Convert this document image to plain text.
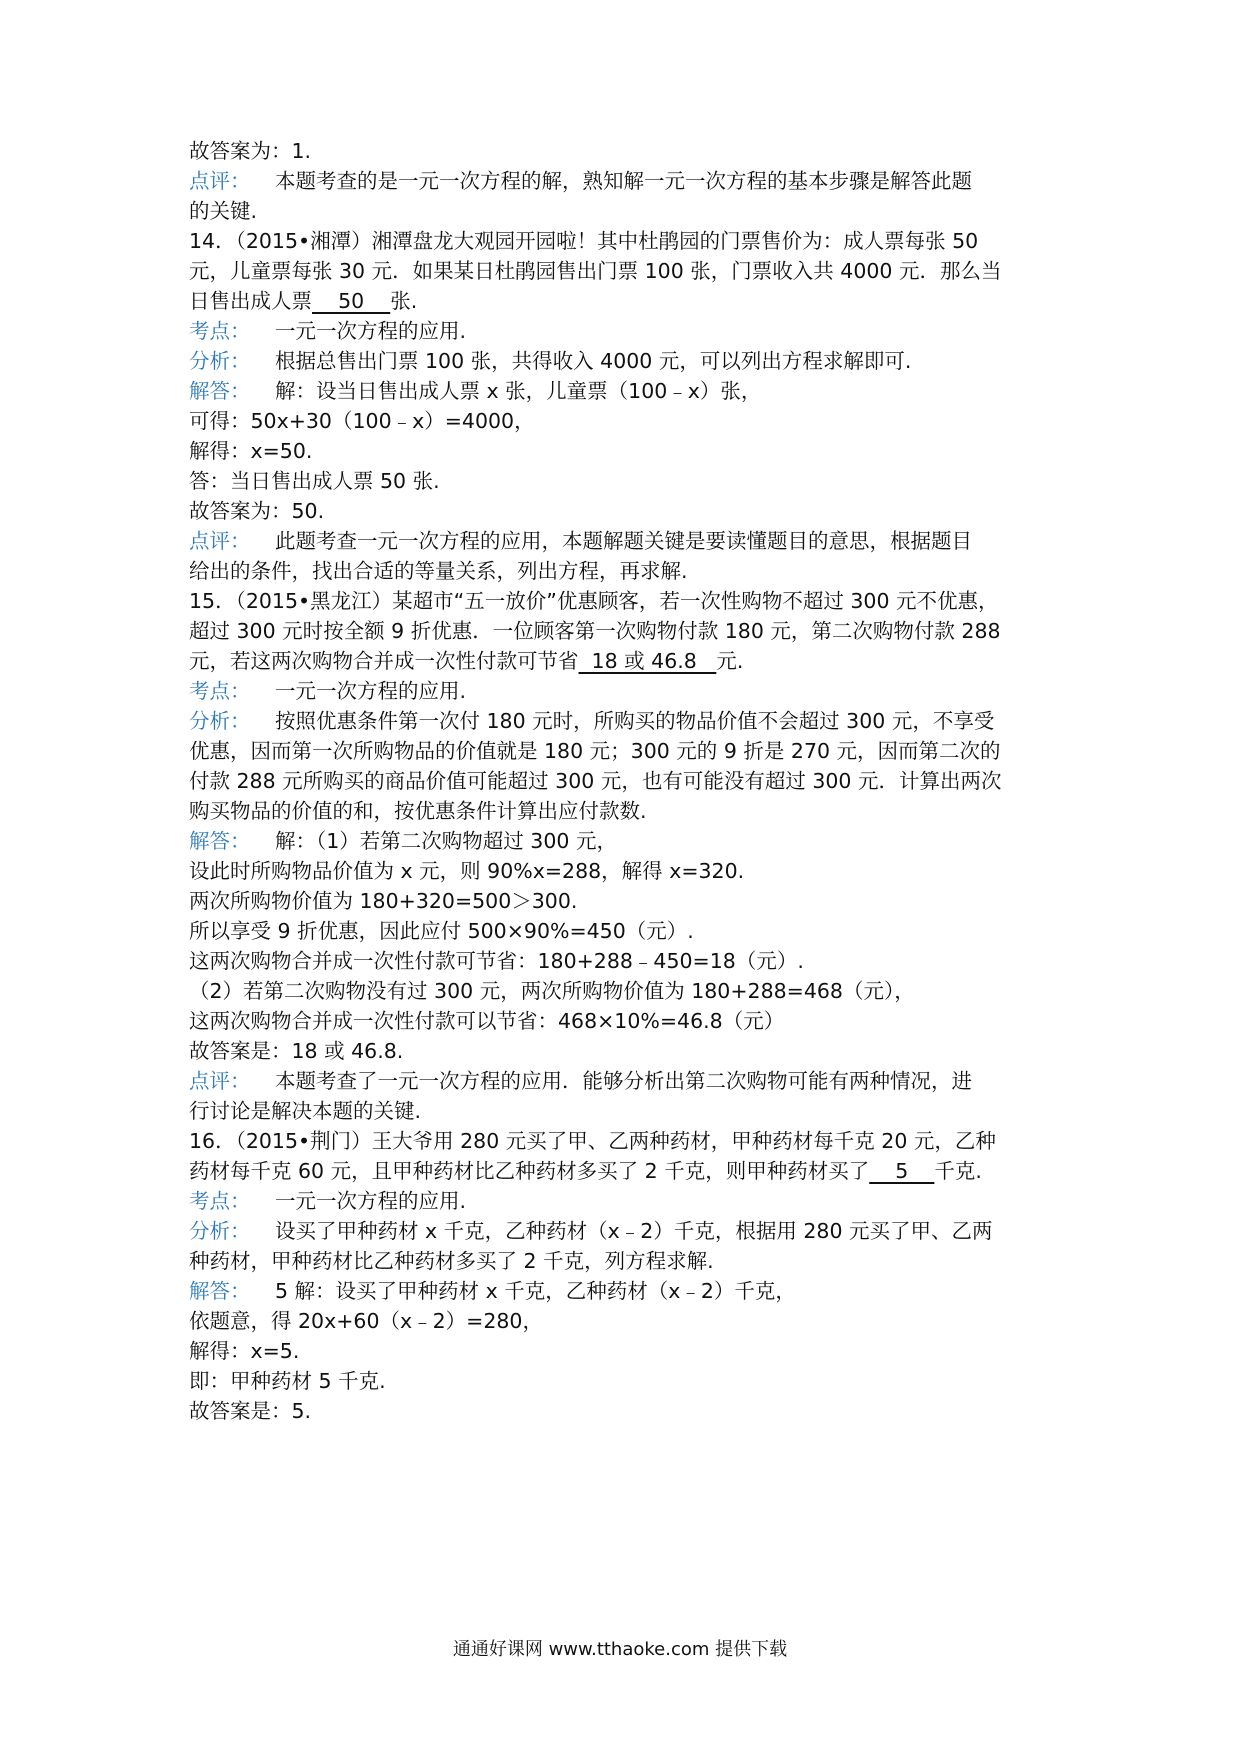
故答案为：1.
点评： 本题考查的是一元一次方程的解，熟知解一元一次方程的基本步骤是解答此题
的关键.
14．（2015•湘潭）湘潭盘龙大观园开园啦！其中杜鹃园的门票售价为：成人票每张 50
元，儿童票每张 30 元．如果某日杜鹃园售出门票 100 张，门票收入共 4000 元．那么当
日售出成人票    50    张.
考点： 一元一次方程的应用.
分析： 根据总售出门票 100 张，共得收入 4000 元，可以列出方程求解即可.
解答： 解：设当日售出成人票 x 张，儿童票（100﹣x）张，
可得：50x+30（100﹣x）=4000，
解得：x=50.
答：当日售出成人票 50 张.
故答案为：50.
点评： 此题考查一元一次方程的应用，本题解题关键是要读懂题目的意思，根据题目
给出的条件，找出合适的等量关系，列出方程，再求解.
15．（2015•黑龙江）某超市“五一放价”优惠顾客，若一次性购物不超过 300 元不优惠，
超过 300 元时按全额 9 折优惠．一位顾客第一次购物付款 180 元，第二次购物付款 288
元，若这两次购物合并成一次性付款可节省  18 或 46.8   元.
考点： 一元一次方程的应用.
分析： 按照优惠条件第一次付 180 元时，所购买的物品价值不会超过 300 元，不享受
优惠，因而第一次所购物品的价值就是 180 元；300 元的 9 折是 270 元，因而第二次的
付款 288 元所购买的商品价值可能超过 300 元，也有可能没有超过 300 元．计算出两次
购买物品的价值的和，按优惠条件计算出应付款数.
解答： 解：（1）若第二次购物超过 300 元，
设此时所购物品价值为 x 元，则 90%x=288，解得 x=320.
两次所购物价值为 180+320=500＞300.
所以享受 9 折优惠，因此应付 500×90%=450（元）.
这两次购物合并成一次性付款可节省：180+288﹣450=18（元）.
（2）若第二次购物没有过 300 元，两次所购物价值为 180+288=468（元），
这两次购物合并成一次性付款可以节省：468×10%=46.8（元）
故答案是：18 或 46.8.
点评： 本题考查了一元一次方程的应用．能够分析出第二次购物可能有两种情况，进
行讨论是解决本题的关键.
16．（2015•荆门）王大爷用 280 元买了甲、乙两种药材，甲种药材每千克 20 元，乙种
药材每千克 60 元，且甲种药材比乙种药材多买了 2 千克，则甲种药材买了    5    千克.
考点： 一元一次方程的应用.
分析： 设买了甲种药材 x 千克，乙种药材（x﹣2）千克，根据用 280 元买了甲、乙两
种药材，甲种药材比乙种药材多买了 2 千克，列方程求解.
解答： 5 解：设买了甲种药材 x 千克，乙种药材（x﹣2）千克，
依题意，得 20x+60（x﹣2）=280，
解得：x=5.
即：甲种药材 5 千克.
故答案是：5.
通通好课网 www.tthaoke.com 提供下载
